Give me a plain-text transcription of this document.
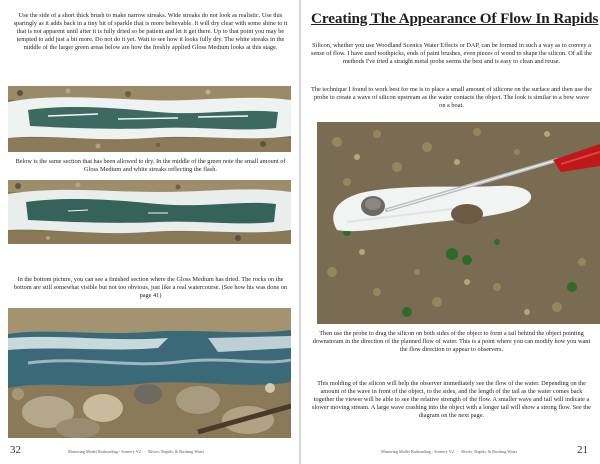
Use the side of a short thick brush to make narrow streaks. Wide streaks do not look as realistic. Use this sparingly as it adds back in a tiny bit of sparkle that is more believable. It will dry clear with some shine to it that is not apparent until after it is fully dried so be patient and let it get there. Up to that point you may be tempted to add just a bit more. Do not do it yet. Wait to see how it looks fully dry. The white streaks in the middle of the larger green areas below are how the freshly applied Gloss Medium looks at this stage.

Below is the same section that has been allowed to dry. In the middle of the green note the small amount of Gloss Medium and white streaks reflecting the flash.

In the bottom picture, you can see a finished section where the Gloss Medium has dried. The rocks on the bottom are still somewhat visible but not too obvious, just like a real watercourse. (See how his was done on page 41)

32	Mastering Model Railroading - Scenery V2 · Rivers, Rapids, & Rushing Water
Creating The Appearance Of Flow In Rapids

Silicon, whether you use Woodland Scenics Water Effects or DAP, can be formed in such a way as to convey a sense of flow. I have used toothpicks, ends of paint brushes, even pieces of wood to shape the silicon. Of all the methods I've tried a straight metal probe seems the best and is easy to clean and reuse.

The technique I found to work best for me is to place a small amount of silicone on the surface and then use the probe to create a wave of silicon upstream as the water contacts the object. The look is similar to a bow wave on a boat.

Then use the probe to drag the silicon on both sides of the object to form a tail behind the object pointing downstream in the direction of the planned flow of water. This is a point where you can modify how you want the flow direction to appear to observers.

This molding of the silicon will help the observer immediately see the flow of the water. Depending on the amount of the wave in front of the object, to the sides, and the length of the tail as the water comes back together the viewer will be able to see the relative strength of the flow. A smaller wave and tail will indicate a slower moving stream. A large wave crashing into the object with a longer tail will show a strong flow. See the diagram on the next page.

Mastering Model Railroading - Scenery V2 · Rivers, Rapids, & Rushing Water	21
